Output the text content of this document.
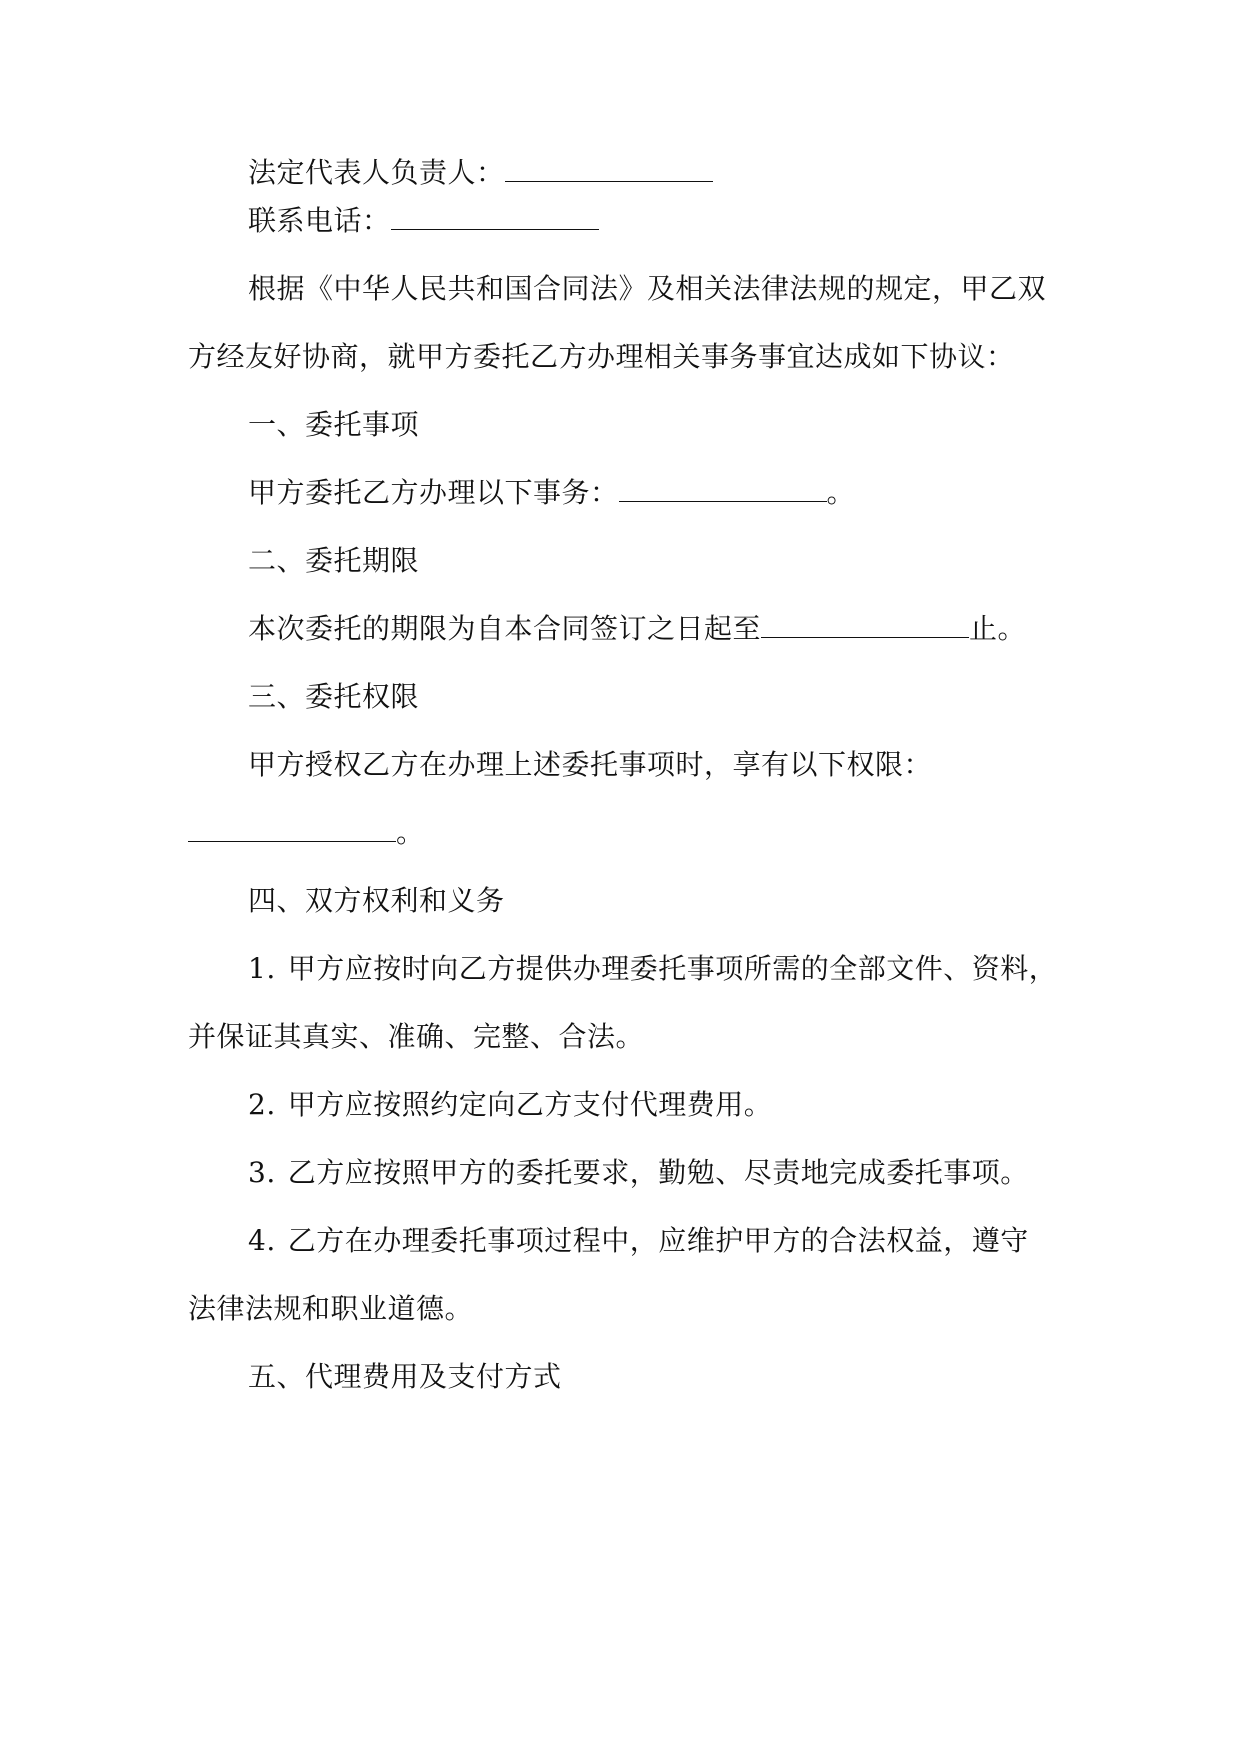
法定代表人负责人：
联系电话：
根据《中华人民共和国合同法》及相关法律法规的规定，甲乙双
方经友好协商，就甲方委托乙方办理相关事务事宜达成如下协议：
一、委托事项
甲方委托乙方办理以下事务：	。
二、委托期限
本次委托的期限为自本合同签订之日起至	止。
三、委托权限
甲方授权乙方在办理上述委托事项时，享有以下权限：
。
四、双方权利和义务
1. 甲方应按时向乙方提供办理委托事项所需的全部文件、资料，
并保证其真实、准确、完整、合法。
2. 甲方应按照约定向乙方支付代理费用。
3. 乙方应按照甲方的委托要求，勤勉、尽责地完成委托事项。
4. 乙方在办理委托事项过程中，应维护甲方的合法权益，遵守
法律法规和职业道德。
五、代理费用及支付方式
